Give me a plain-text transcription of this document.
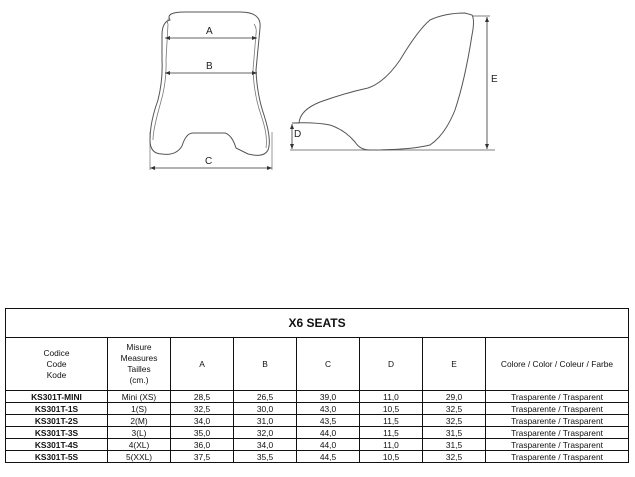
A
B
C
D
E
X6 SEATS							

Codice
Code
Kode	Misure
Measures
Tailles
(cm.)	A	B	C	D	E	Colore / Color / Coleur / Farbe
KS301T-MINI	Mini (XS)	28,5	26,5	39,0	11,0	29,0	Trasparente / Trasparent
KS301T-1S	1(S)	32,5	30,0	43,0	10,5	32,5	Trasparente / Trasparent
KS301T-2S	2(M)	34,0	31,0	43,5	11,5	32,5	Trasparente / Trasparent
KS301T-3S	3(L)	35,0	32,0	44,0	11,5	31,5	Trasparente / Trasparent
KS301T-4S	4(XL)	36,0	34,0	44,0	11,0	31,5	Trasparente / Trasparent
KS301T-5S	5(XXL)	37,5	35,5	44,5	10,5	32,5	Trasparente / Trasparent
